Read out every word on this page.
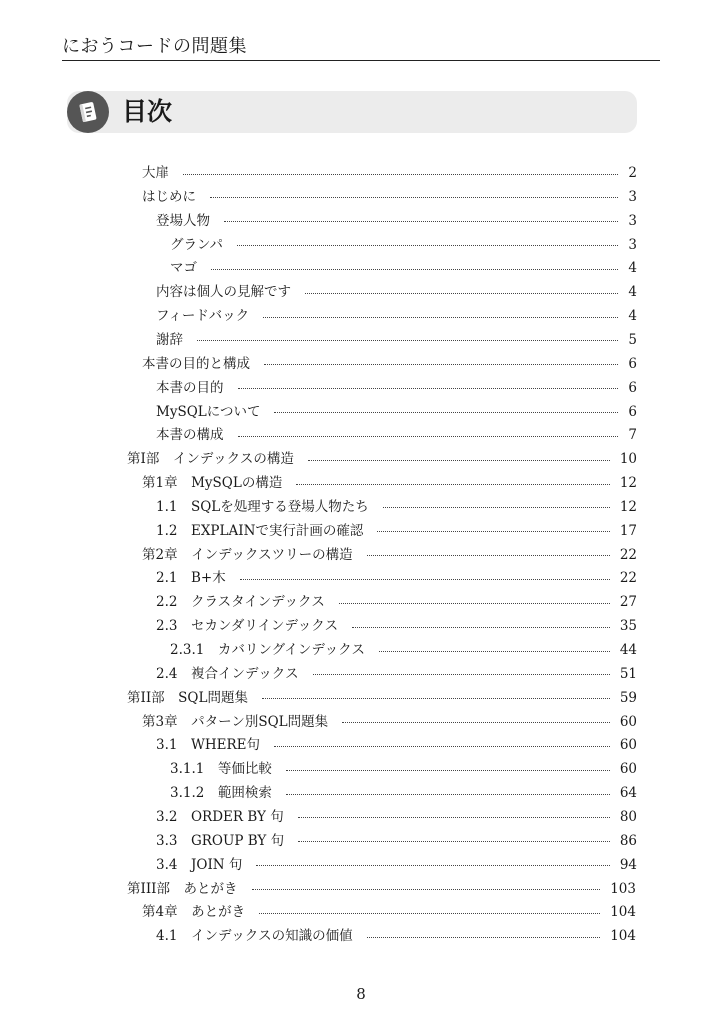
におうコードの問題集
目次
大扉	2
はじめに	3
登場人物	3
グランパ	3
マゴ	4
内容は個人の見解です	4
フィードバック	4
謝辞	5
本書の目的と構成	6
本書の目的	6
MySQLについて	6
本書の構成	7
第I部　インデックスの構造	10
第1章　MySQLの構造	12
1.1　SQLを処理する登場人物たち	12
1.2　EXPLAINで実行計画の確認	17
第2章　インデックスツリーの構造	22
2.1　B+木	22
2.2　クラスタインデックス	27
2.3　セカンダリインデックス	35
2.3.1　カバリングインデックス	44
2.4　複合インデックス	51
第II部　SQL問題集	59
第3章　パターン別SQL問題集	60
3.1　WHERE句	60
3.1.1　等価比較	60
3.1.2　範囲検索	64
3.2　ORDER BY 句	80
3.3　GROUP BY 句	86
3.4　JOIN 句	94
第III部　あとがき	103
第4章　あとがき	104
4.1　インデックスの知識の価値	104
8
